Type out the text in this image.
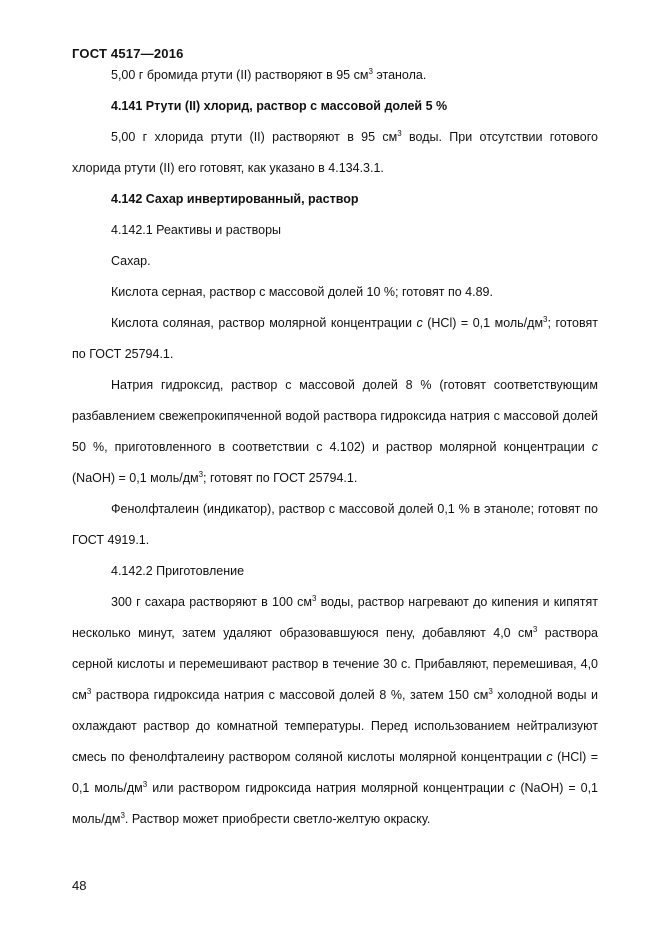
ГОСТ 4517—2016

5,00 г бромида ртути (II) растворяют в 95 $см^3$ этанола.

4.141 Ртути (II) хлорид, раствор с массовой долей 5 %

5,00 г хлорида ртути (II) растворяют в 95 $см^3$ воды. При отсутствии готового хлорида ртути (II) его готовят, как указано в 4.134.3.1.

4.142 Сахар инвертированный, раствор

4.142.1 Реактивы и растворы

Сахар.

Кислота серная, раствор с массовой долей 10 %; готовят по 4.89.

Кислота соляная, раствор молярной концентрации с (HCl) = 0,1 моль/$дм^3$; готовят по ГОСТ 25794.1.

Натрия гидроксид, раствор с массовой долей 8 % (готовят соответствующим разбавлением свежепрокипяченной водой раствора гидроксида натрия с массовой долей 50 %, приготовленного в соответствии с 4.102) и раствор молярной концентрации с (NaOH) = 0,1 моль/$дм^3$; готовят по ГОСТ 25794.1.

Фенолфталеин (индикатор), раствор с массовой долей 0,1 % в этаноле; готовят по ГОСТ 4919.1.

4.142.2 Приготовление

300 г сахара растворяют в 100 $см^3$ воды, раствор нагревают до кипения и кипятят несколько минут, затем удаляют образовавшуюся пену, добавляют 4,0 $см^3$ раствора серной кислоты и перемешивают раствор в течение 30 с. Прибавляют, перемешивая, 4,0 $см^3$ раствора гидроксида натрия с массовой долей 8 %, затем 150 $см^3$ холодной воды и охлаждают раствор до комнатной температуры. Перед использованием нейтрализуют смесь по фенолфталеину раствором соляной кислоты молярной концентрации с (HCl) = 0,1 моль/$дм^3$ или раствором гидроксида натрия молярной концентрации с (NaOH) = 0,1 моль/$дм^3$. Раствор может приобрести светло-желтую окраску.

48
